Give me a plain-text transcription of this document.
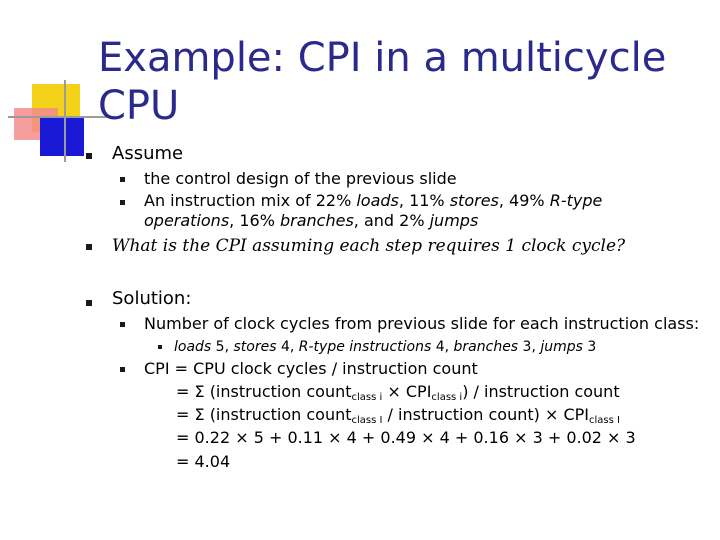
Example: CPI in a multicycle
CPU
Assume
the control design of the previous slide
An instruction mix of 22% loads, 11% stores, 49% R-type
operations, 16% branches, and 2% jumps
What is the CPI assuming each step requires 1 clock cycle?
Solution:
Number of clock cycles from previous slide for each instruction class:
loads 5, stores 4, R-type instructions 4, branches 3, jumps 3
CPI = CPU clock cycles / instruction count
= Σ (instruction count$_{class i}$ × $CPI_{class i}$) / instruction count
= Σ (instruction count$_{class I}$ / instruction count) × $CPI_{class I}$
= 0.22 × 5 + 0.11 × 4 + 0.49 × 4 + 0.16 × 3 + 0.02 × 3
= 4.04
